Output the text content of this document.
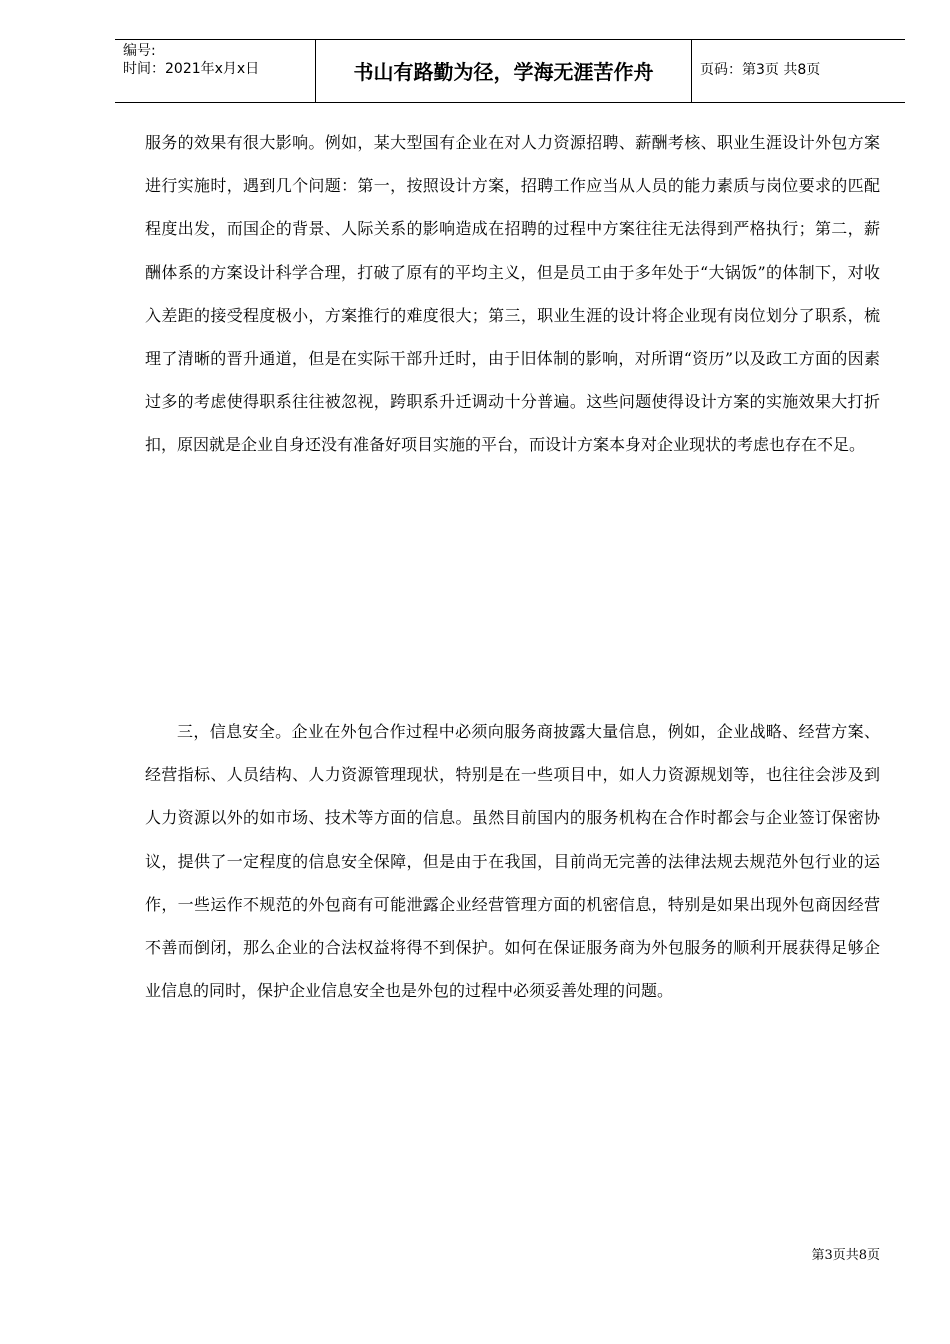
编号:
时间：2021年x月x日	书山有路勤为径，学海无涯苦作舟	页码：第3页 共8页

服务的效果有很大影响。例如，某大型国有企业在对人力资源招聘、薪酬考核、职业生涯设计外包方案进行实施时，遇到几个问题：第一，按照设计方案，招聘工作应当从人员的能力素质与岗位要求的匹配程度出发，而国企的背景、人际关系的影响造成在招聘的过程中方案往往无法得到严格执行；第二，薪酬体系的方案设计科学合理，打破了原有的平均主义，但是员工由于多年处于“大锅饭”的体制下，对收入差距的接受程度极小，方案推行的难度很大；第三，职业生涯的设计将企业现有岗位划分了职系，梳理了清晰的晋升通道，但是在实际干部升迁时，由于旧体制的影响，对所谓“资历”以及政工方面的因素过多的考虑使得职系往往被忽视，跨职系升迁调动十分普遍。这些问题使得设计方案的实施效果大打折扣，原因就是企业自身还没有准备好项目实施的平台，而设计方案本身对企业现状的考虑也存在不足。

三，信息安全。企业在外包合作过程中必须向服务商披露大量信息，例如，企业战略、经营方案、经营指标、人员结构、人力资源管理现状，特别是在一些项目中，如人力资源规划等，也往往会涉及到人力资源以外的如市场、技术等方面的信息。虽然目前国内的服务机构在合作时都会与企业签订保密协议，提供了一定程度的信息安全保障，但是由于在我国，目前尚无完善的法律法规去规范外包行业的运作，一些运作不规范的外包商有可能泄露企业经营管理方面的机密信息，特别是如果出现外包商因经营不善而倒闭，那么企业的合法权益将得不到保护。如何在保证服务商为外包服务的顺利开展获得足够企业信息的同时，保护企业信息安全也是外包的过程中必须妥善处理的问题。

第3页共8页
